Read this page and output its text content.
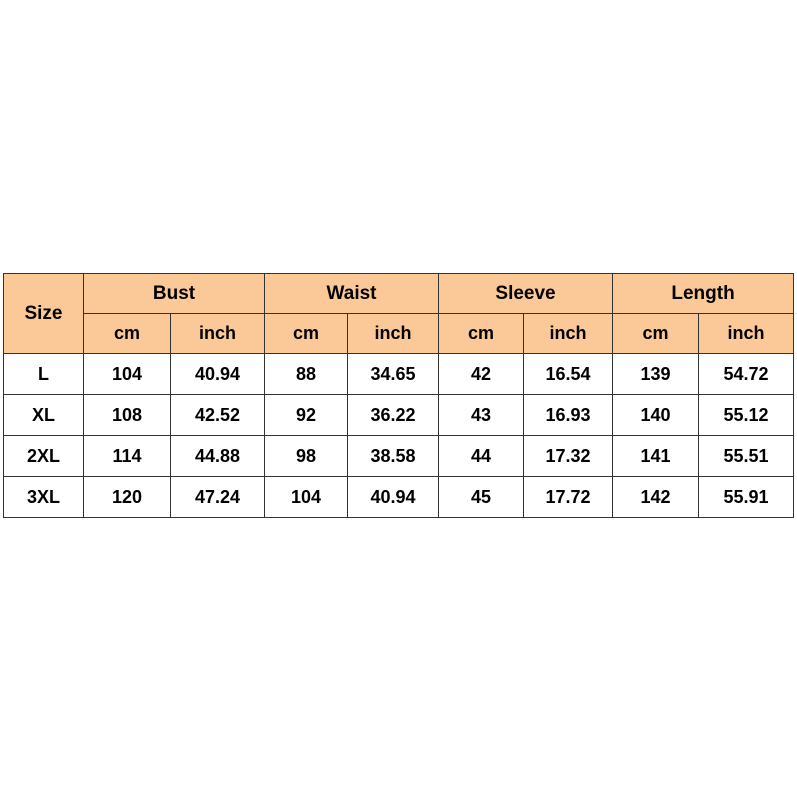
Size	Bust		Waist		Sleeve		Length	
	cm	inch	cm	inch	cm	inch	cm	inch
L	104	40.94	88	34.65	42	16.54	139	54.72
XL	108	42.52	92	36.22	43	16.93	140	55.12
2XL	114	44.88	98	38.58	44	17.32	141	55.51
3XL	120	47.24	104	40.94	45	17.72	142	55.91
